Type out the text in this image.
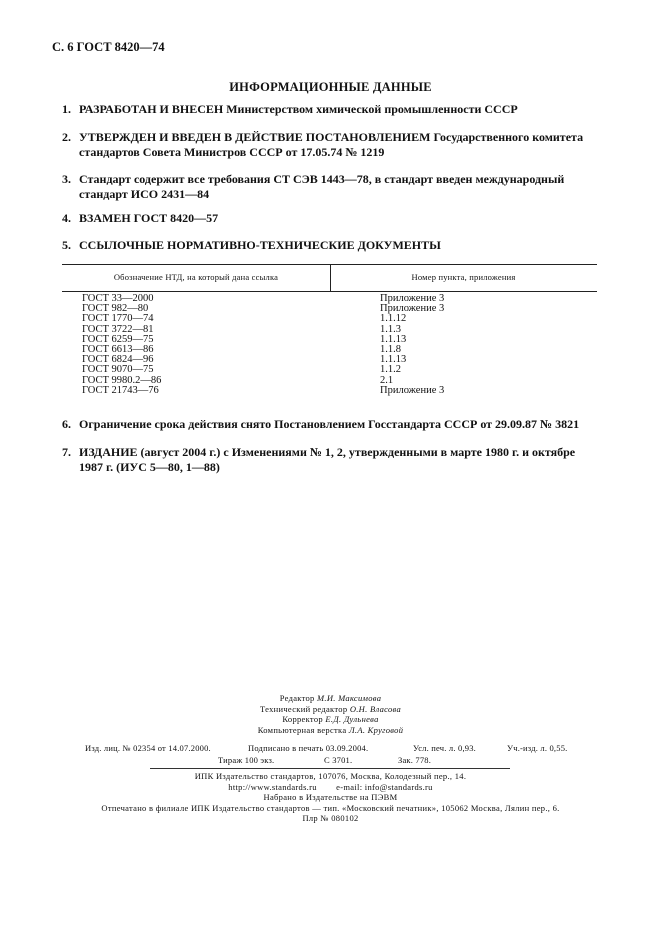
С. 6 ГОСТ 8420—74
ИНФОРМАЦИОННЫЕ ДАННЫЕ
1. РАЗРАБОТАН И ВНЕСЕН Министерством химической промышленности СССР
2. УТВЕРЖДЕН И ВВЕДЕН В ДЕЙСТВИЕ ПОСТАНОВЛЕНИЕМ Государственного комитета стандартов Совета Министров СССР от 17.05.74 № 1219
3. Стандарт содержит все требования СТ СЭВ 1443—78, в стандарт введен международный стандарт ИСО 2431—84
4. ВЗАМЕН ГОСТ 8420—57
5. ССЫЛОЧНЫЕ НОРМАТИВНО-ТЕХНИЧЕСКИЕ ДОКУМЕНТЫ
Обозначение НТД, на который дана ссылка	Номер пункта, приложения
ГОСТ 33—2000	Приложение 3
ГОСТ 982—80	Приложение 3
ГОСТ 1770—74	1.1.12
ГОСТ 3722—81	1.1.3
ГОСТ 6259—75	1.1.13
ГОСТ 6613—86	1.1.8
ГОСТ 6824—96	1.1.13
ГОСТ 9070—75	1.1.2
ГОСТ 9980.2—86	2.1
ГОСТ 21743—76	Приложение 3
6. Ограничение срока действия снято Постановлением Госстандарта СССР от 29.09.87 № 3821
7. ИЗДАНИЕ (август 2004 г.) с Изменениями № 1, 2, утвержденными в марте 1980 г. и октябре 1987 г. (ИУС 5—80, 1—88)
Редактор М.И. Максимова
Технический редактор О.Н. Власова
Корректор Е.Д. Дульнева
Компьютерная верстка Л.А. Круговой
Изд. лиц. № 02354 от 14.07.2000.	Подписано в печать 03.09.2004.	Усл. печ. л. 0,93.	Уч.-изд. л. 0,55.
Тираж 100 экз.	С 3701.	Зак. 778.
ИПК Издательство стандартов, 107076, Москва, Колодезный пер., 14.
http://www.standards.ru        e-mail: info@standards.ru
Набрано в Издательстве на ПЭВМ
Отпечатано в филиале ИПК Издательство стандартов — тип. «Московский печатник», 105062 Москва, Лялин пер., 6.
Плр № 080102
